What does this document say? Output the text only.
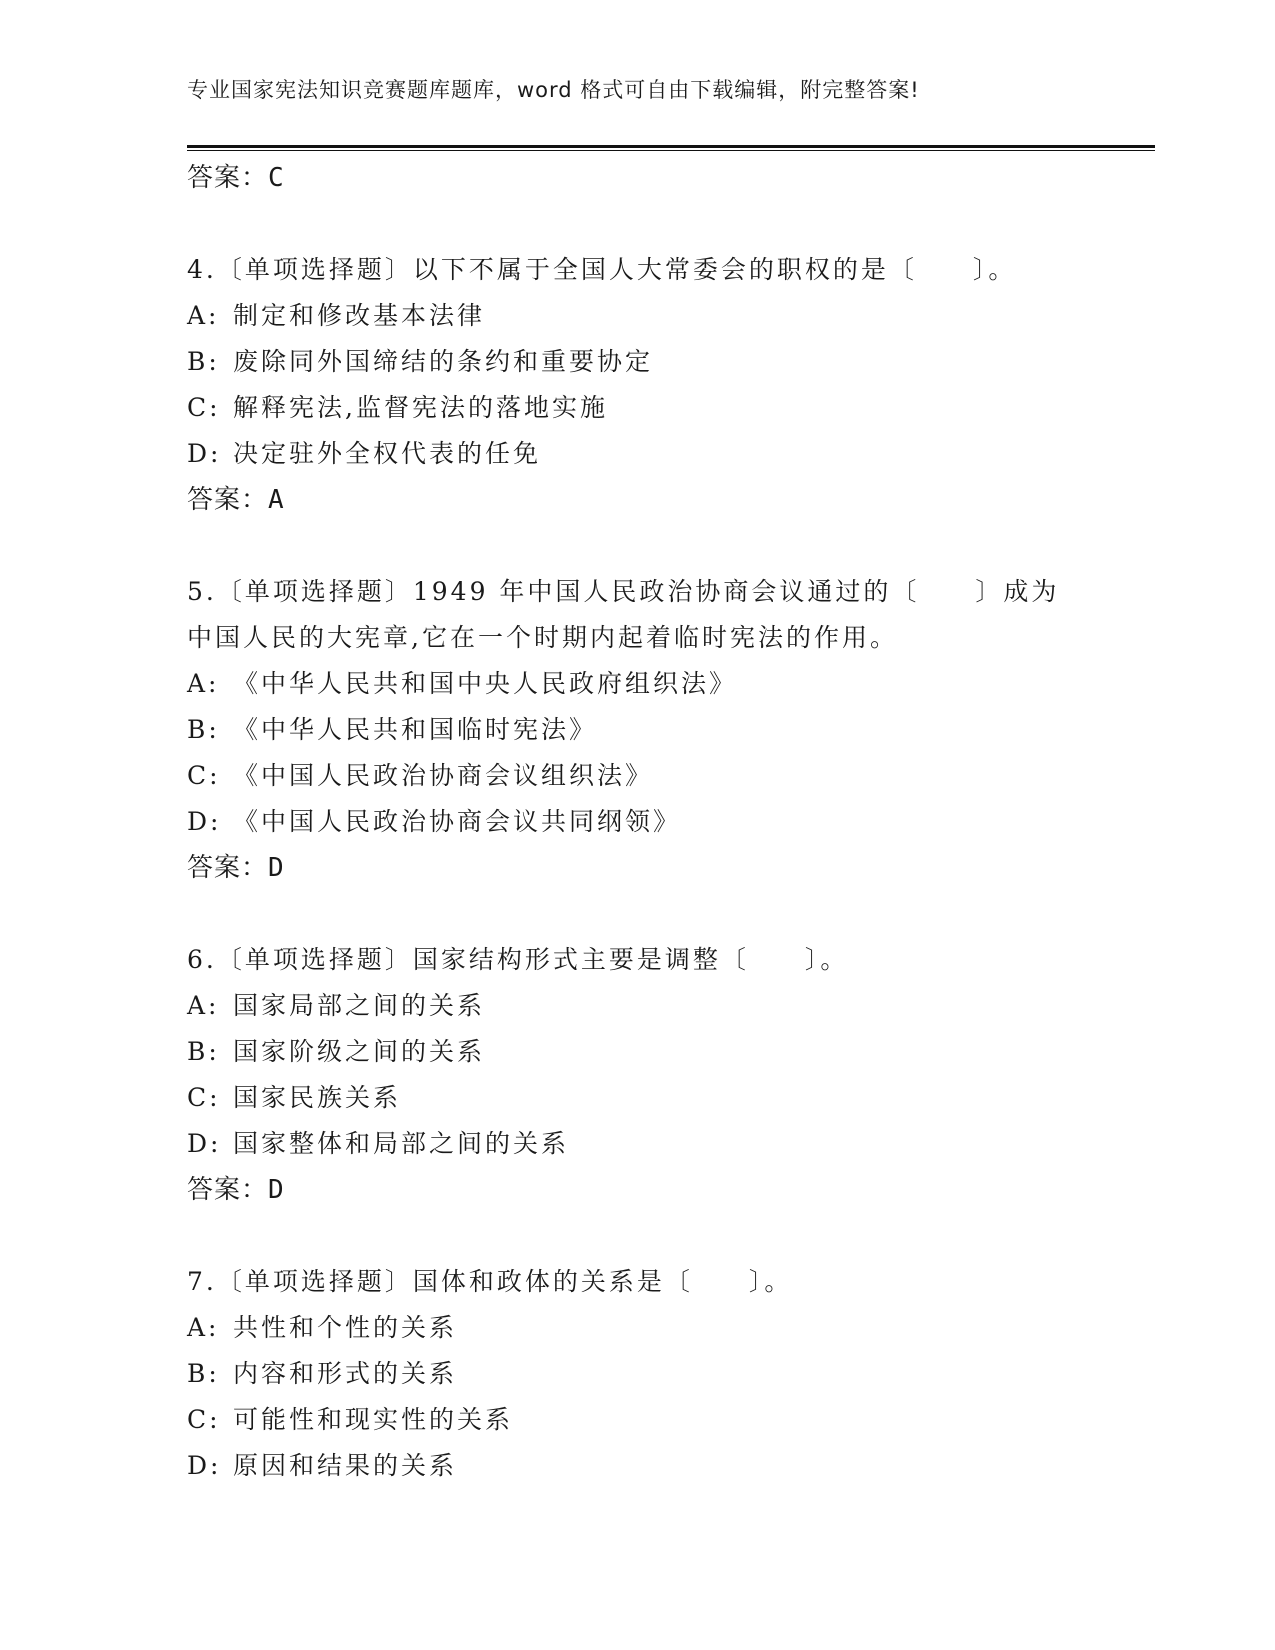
专业国家宪法知识竞赛题库题库，word 格式可自由下载编辑，附完整答案!
答案：C
4.〔单项选择题〕以下不属于全国人大常委会的职权的是〔　　〕。
A: 制定和修改基本法律
B: 废除同外国缔结的条约和重要协定
C: 解释宪法,监督宪法的落地实施
D: 决定驻外全权代表的任免
答案：A
5.〔单项选择题〕1949 年中国人民政治协商会议通过的〔　　〕成为中国人民的大宪章,它在一个时期内起着临时宪法的作用。
A: 《中华人民共和国中央人民政府组织法》
B: 《中华人民共和国临时宪法》
C: 《中国人民政治协商会议组织法》
D: 《中国人民政治协商会议共同纲领》
答案：D
6.〔单项选择题〕国家结构形式主要是调整〔　　〕。
A: 国家局部之间的关系
B: 国家阶级之间的关系
C: 国家民族关系
D: 国家整体和局部之间的关系
答案：D
7.〔单项选择题〕国体和政体的关系是〔　　〕。
A: 共性和个性的关系
B: 内容和形式的关系
C: 可能性和现实性的关系
D: 原因和结果的关系
